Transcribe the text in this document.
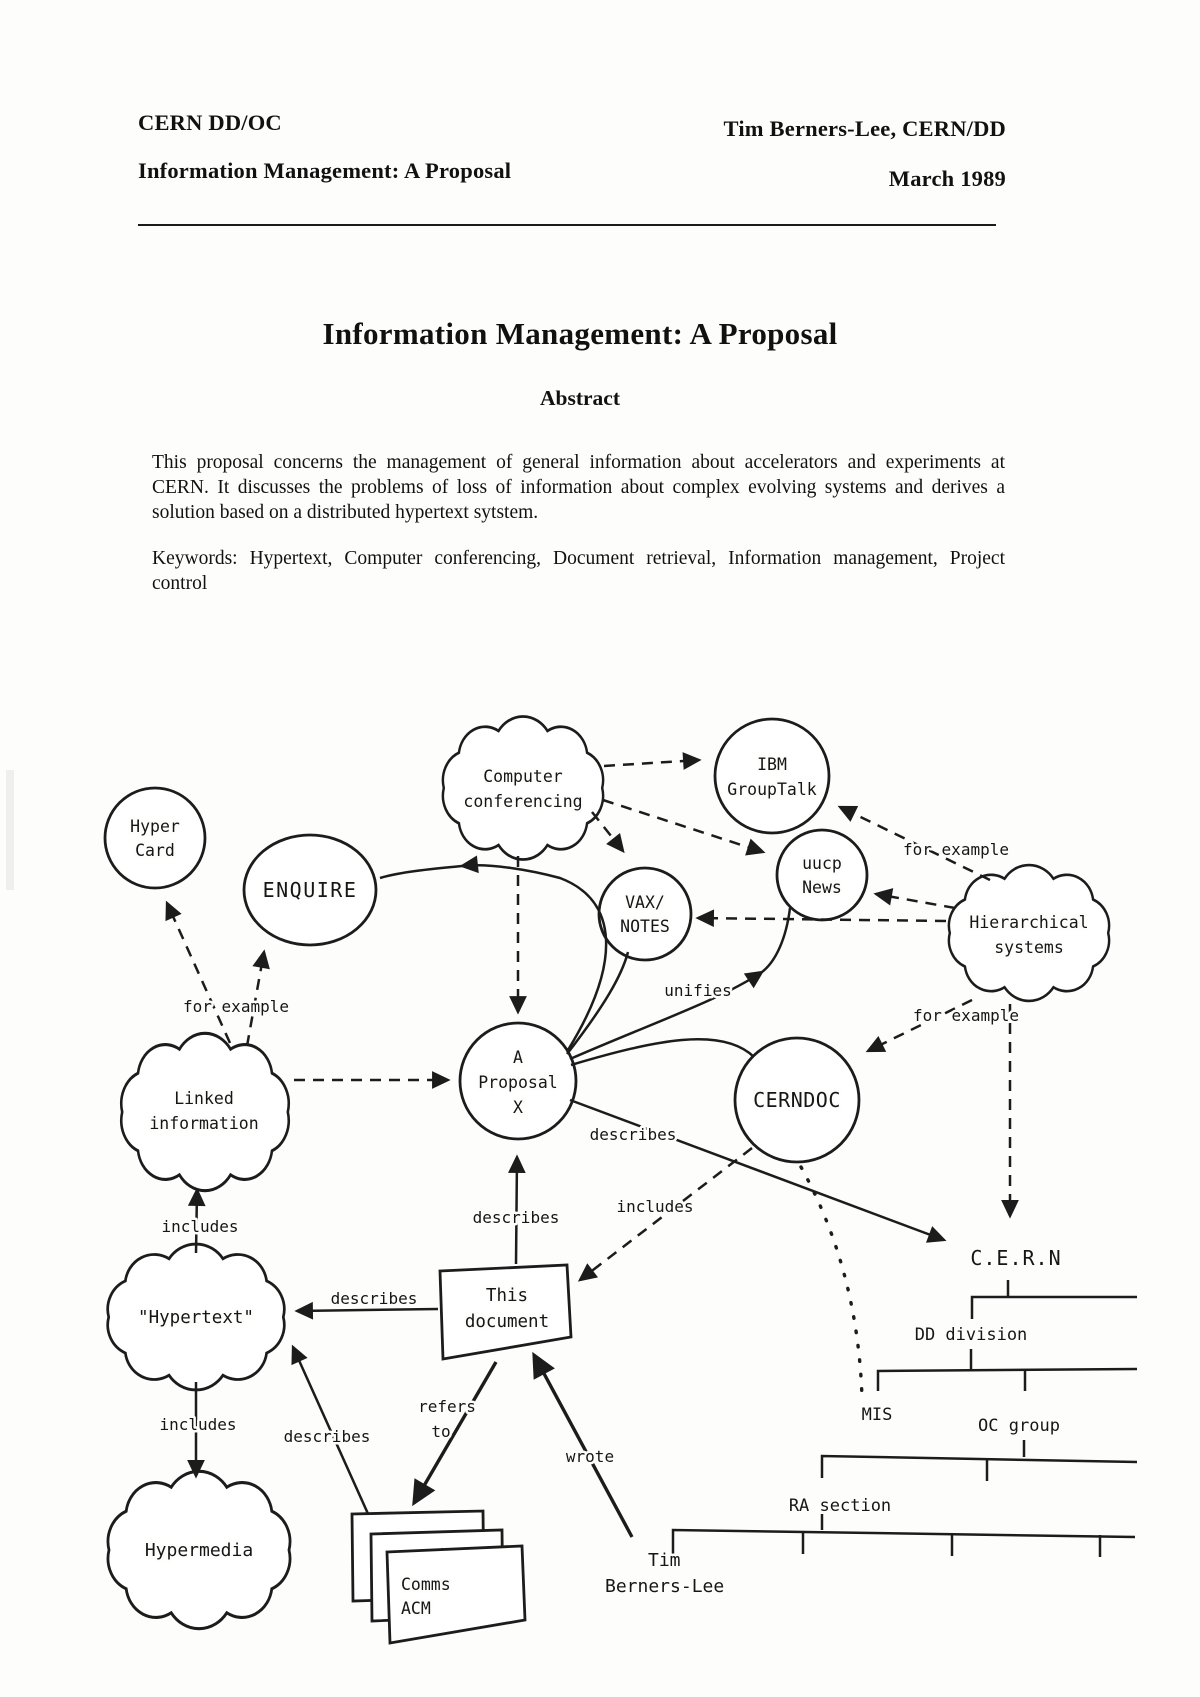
CERN DD/OC
Information Management: A Proposal
Tim Berners-Lee, CERN/DD
March 1989
Information Management: A Proposal
Abstract
This proposal concerns the management of general information about accelerators and experiments at
CERN. It discusses the problems of loss of information about complex evolving systems and derives a
solution based on a distributed hypertext sytstem.
Keywords: Hypertext, Computer conferencing, Document retrieval, Information management, Project
control
Comms
ACM
Hyper
Card
ENQUIRE
Computer
conferencing
IBM
GroupTalk
VAX/
NOTES
uucp
News
Hierarchical
systems
A
Proposal
X	CERNDOC
Linked
information
"Hypertext"
Hypermedia
This
document
for example
for example
for example
unifies
describes
includes
describes
describes
describes
includes
includes
refers
to
wrote
C.E.R.N
DD division
MIS
OC group
RA section
Tim
Berners-Lee
